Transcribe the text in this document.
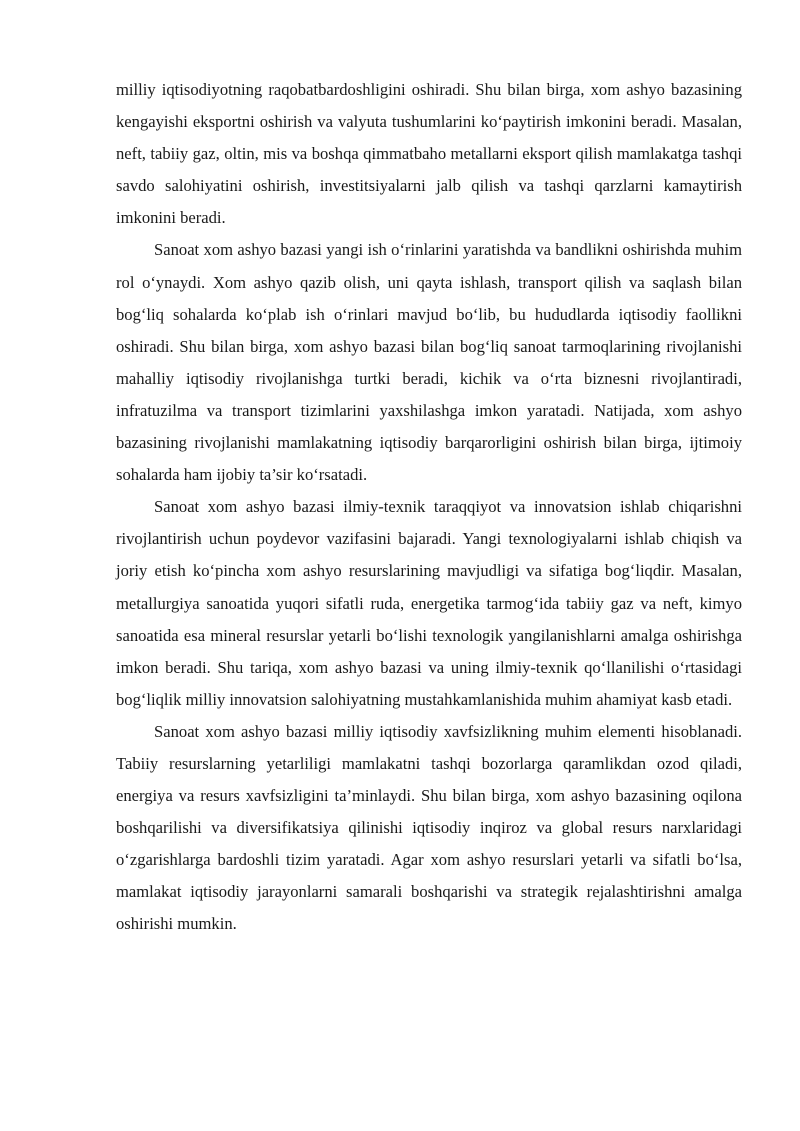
milliy iqtisodiyotning raqobatbardoshligini oshiradi. Shu bilan birga, xom ashyo bazasining kengayishi eksportni oshirish va valyuta tushumlarini ko‘paytirish imkonini beradi. Masalan, neft, tabiiy gaz, oltin, mis va boshqa qimmatbaho metallarni eksport qilish mamlakatga tashqi savdo salohiyatini oshirish, investitsiyalarni jalb qilish va tashqi qarzlarni kamaytirish imkonini beradi.

Sanoat xom ashyo bazasi yangi ish o‘rinlarini yaratishda va bandlikni oshirishda muhim rol o‘ynaydi. Xom ashyo qazib olish, uni qayta ishlash, transport qilish va saqlash bilan bog‘liq sohalarda ko‘plab ish o‘rinlari mavjud bo‘lib, bu hududlarda iqtisodiy faollikni oshiradi. Shu bilan birga, xom ashyo bazasi bilan bog‘liq sanoat tarmoqlarining rivojlanishi mahalliy iqtisodiy rivojlanishga turtki beradi, kichik va o‘rta biznesni rivojlantiradi, infratuzilma va transport tizimlarini yaxshilashga imkon yaratadi. Natijada, xom ashyo bazasining rivojlanishi mamlakatning iqtisodiy barqarorligini oshirish bilan birga, ijtimoiy sohalarda ham ijobiy ta’sir ko‘rsatadi.

Sanoat xom ashyo bazasi ilmiy-texnik taraqqiyot va innovatsion ishlab chiqarishni rivojlantirish uchun poydevor vazifasini bajaradi. Yangi texnologiyalarni ishlab chiqish va joriy etish ko‘pincha xom ashyo resurslarining mavjudligi va sifatiga bog‘liqdir. Masalan, metallurgiya sanoatida yuqori sifatli ruda, energetika tarmog‘ida tabiiy gaz va neft, kimyo sanoatida esa mineral resurslar yetarli bo‘lishi texnologik yangilanishlarni amalga oshirishga imkon beradi. Shu tariqa, xom ashyo bazasi va uning ilmiy-texnik qo‘llanilishi o‘rtasidagi bog‘liqlik milliy innovatsion salohiyatning mustahkamlanishida muhim ahamiyat kasb etadi.

Sanoat xom ashyo bazasi milliy iqtisodiy xavfsizlikning muhim elementi hisoblanadi. Tabiiy resurslarning yetarliligi mamlakatni tashqi bozorlarga qaramlikdan ozod qiladi, energiya va resurs xavfsizligini ta’minlaydi. Shu bilan birga, xom ashyo bazasining oqilona boshqarilishi va diversifikatsiya qilinishi iqtisodiy inqiroz va global resurs narxlaridagi o‘zgarishlarga bardoshli tizim yaratadi. Agar xom ashyo resurslari yetarli va sifatli bo‘lsa, mamlakat iqtisodiy jarayonlarni samarali boshqarishi va strategik rejalashtirishni amalga oshirishi mumkin.
